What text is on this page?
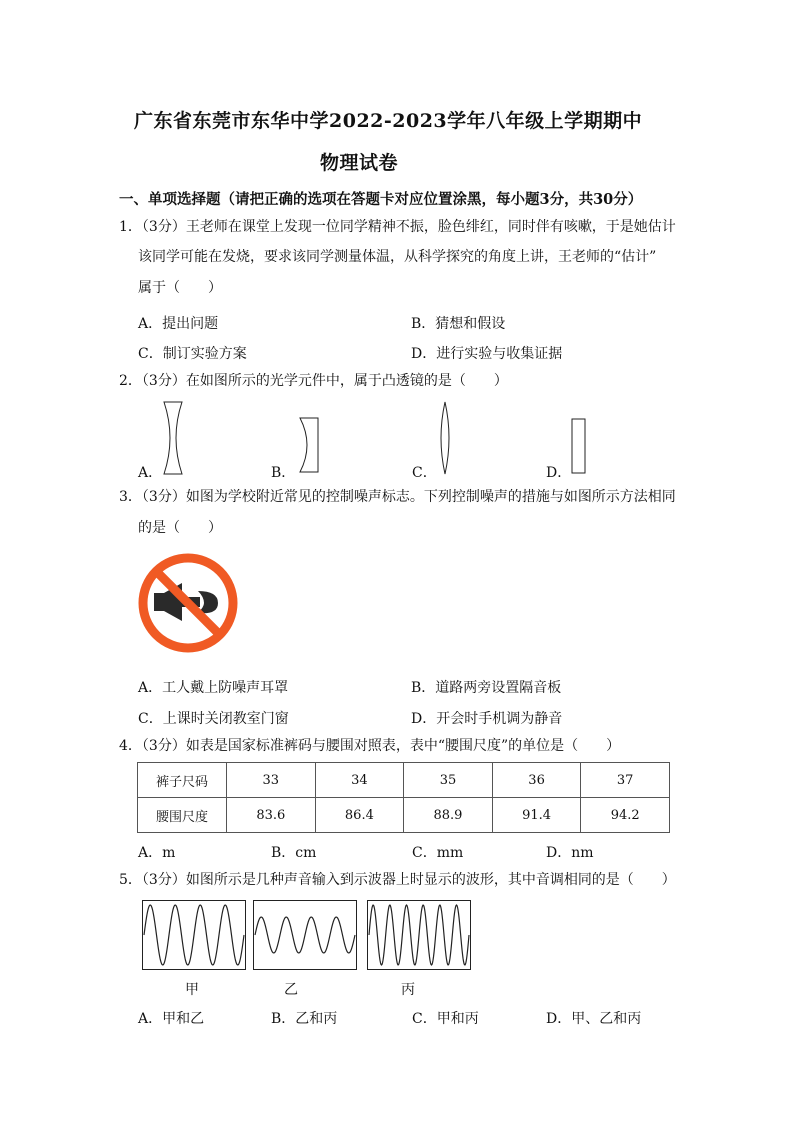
广东省东莞市东华中学2022-2023学年八年级上学期期中
物理试卷
一、单项选择题（请把正确的选项在答题卡对应位置涂黑，每小题3分，共30分）
1．（3分）王老师在课堂上发现一位同学精神不振，脸色绯红，同时伴有咳嗽，于是她估计
该同学可能在发烧，要求该同学测量体温，从科学探究的角度上讲，王老师的“估计”
属于（　　）
A．提出问题	B．猜想和假设
C．制订实验方案	D．进行实验与收集证据
2．（3分）在如图所示的光学元件中，属于凸透镜的是（　　）
A．	B．	C．	D．
3．（3分）如图为学校附近常见的控制噪声标志。下列控制噪声的措施与如图所示方法相同
的是（　　）
A．工人戴上防噪声耳罩	B．道路两旁设置隔音板
C．上课时关闭教室门窗	D．开会时手机调为静音
4．（3分）如表是国家标准裤码与腰围对照表，表中“腰围尺度”的单位是（　　）
裤子尺码	33	34	35	36	37
腰围尺度	83.6	86.4	88.9	91.4	94.2
A．m	B．cm	C．mm	D．nm
5．（3分）如图所示是几种声音输入到示波器上时显示的波形，其中音调相同的是（　　）
甲	乙	丙
A．甲和乙	B．乙和丙	C．甲和丙	D．甲、乙和丙
